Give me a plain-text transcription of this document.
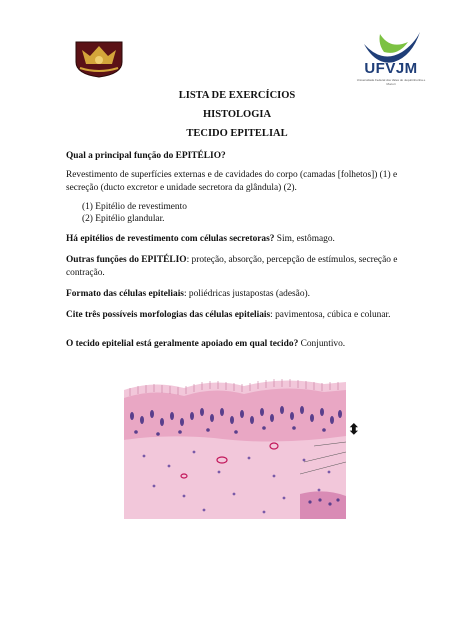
UFVJM
Universidade Federal dos Vales do Jequitinhonha e Mucuri
LISTA DE EXERCÍCIOS
HISTOLOGIA
TECIDO EPITELIAL

Qual a principal função do EPITÉLIO?

Revestimento de superfícies externas e de cavidades do corpo (camadas [folhetos]) (1) e secreção (ducto excretor e unidade secretora da glândula) (2).

(1) Epitélio de revestimento
(2) Epitélio glandular.

Há epitélios de revestimento com células secretoras? Sim, estômago.

Outras funções do EPITÉLIO: proteção, absorção, percepção de estímulos, secreção e contração.

Formato das células epiteliais: poliédricas justapostas (adesão).

Cite três possíveis morfologias das células epiteliais: pavimentosa, cúbica e colunar.

O tecido epitelial está geralmente apoiado em qual tecido? Conjuntivo.

⬍
